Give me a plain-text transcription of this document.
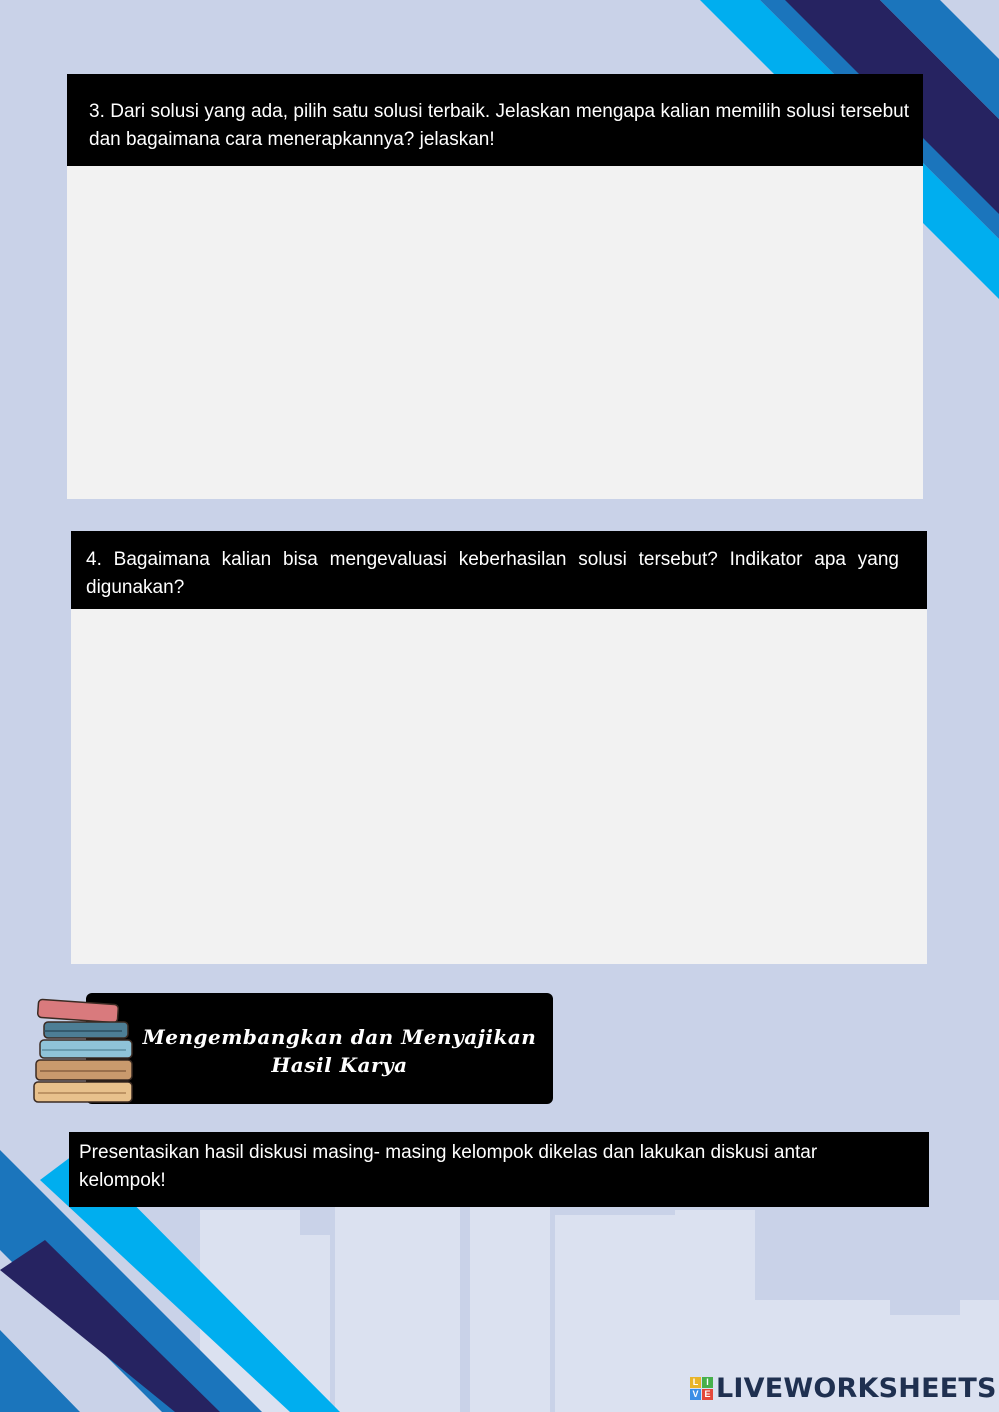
3. Dari solusi yang ada, pilih satu solusi terbaik. Jelaskan mengapa kalian memilih solusi tersebut dan bagaimana cara menerapkannya? jelaskan!
4. Bagaimana kalian bisa mengevaluasi keberhasilan solusi tersebut? Indikator apa yang digunakan?
Mengembangkan dan Menyajikan
Hasil Karya
Presentasikan hasil diskusi masing- masing kelompok dikelas dan lakukan diskusi antar kelompok!
L I
V E LIVEWORKSHEETS
